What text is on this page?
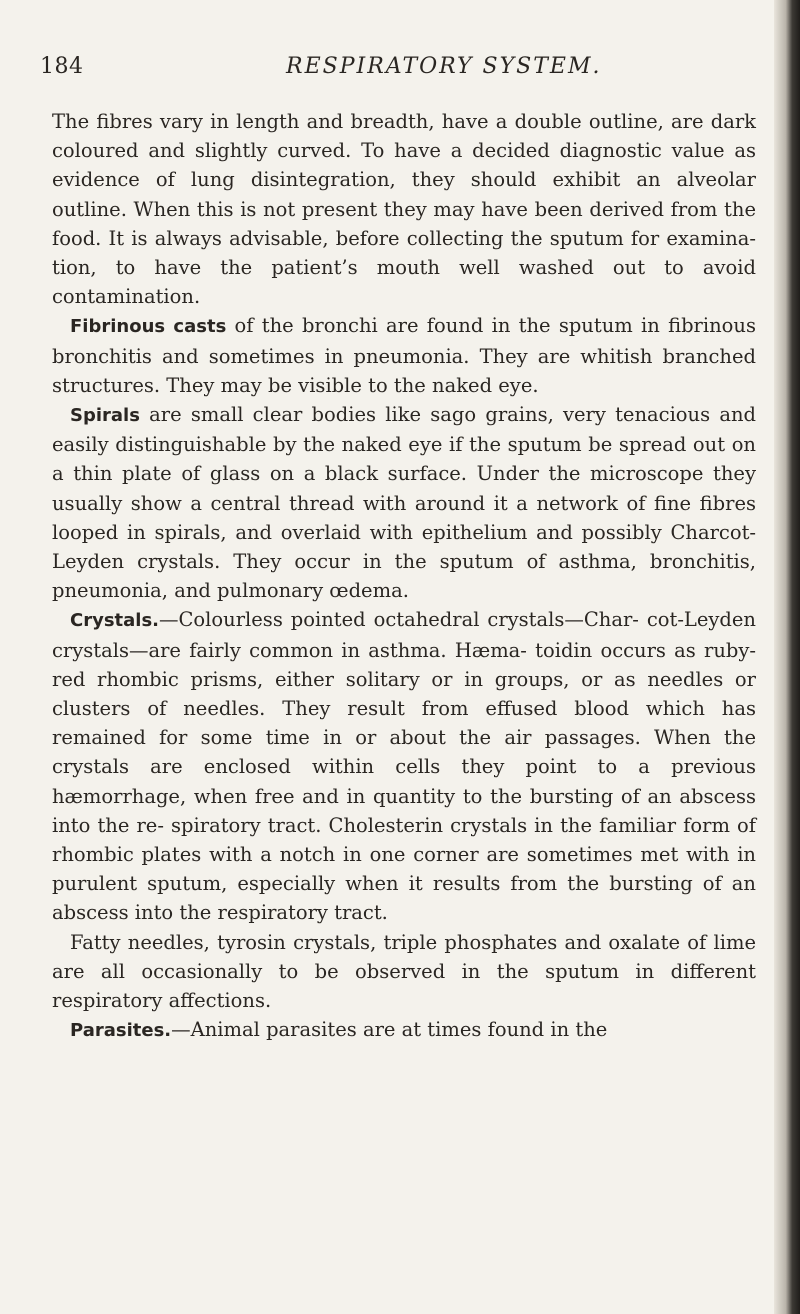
184	RESPIRATORY SYSTEM.

The fibres vary in length and breadth, have a double outline, are dark coloured and slightly curved. To have a decided diagnostic value as evidence of lung disintegration, they should exhibit an alveolar outline. When this is not present they may have been derived from the food. It is always advisable, before collecting the sputum for examina- tion, to have the patient’s mouth well washed out to avoid contamination.

Fibrinous casts of the bronchi are found in the sputum in fibrinous bronchitis and sometimes in pneumonia. They are whitish branched structures. They may be visible to the naked eye.

Spirals are small clear bodies like sago grains, very tenacious and easily distinguishable by the naked eye if the sputum be spread out on a thin plate of glass on a black surface. Under the microscope they usually show a central thread with around it a network of fine fibres looped in spirals, and overlaid with epithelium and possibly Charcot- Leyden crystals. They occur in the sputum of asthma, bronchitis, pneumonia, and pulmonary œdema.

Crystals.—Colourless pointed octahedral crystals—Char- cot-Leyden crystals—are fairly common in asthma. Hæma- toidin occurs as ruby-red rhombic prisms, either solitary or in groups, or as needles or clusters of needles. They result from effused blood which has remained for some time in or about the air passages. When the crystals are enclosed within cells they point to a previous hæmorrhage, when free and in quantity to the bursting of an abscess into the re- spiratory tract. Cholesterin crystals in the familiar form of rhombic plates with a notch in one corner are sometimes met with in purulent sputum, especially when it results from the bursting of an abscess into the respiratory tract.

Fatty needles, tyrosin crystals, triple phosphates and oxalate of lime are all occasionally to be observed in the sputum in different respiratory affections.

Parasites.—Animal parasites are at times found in the
